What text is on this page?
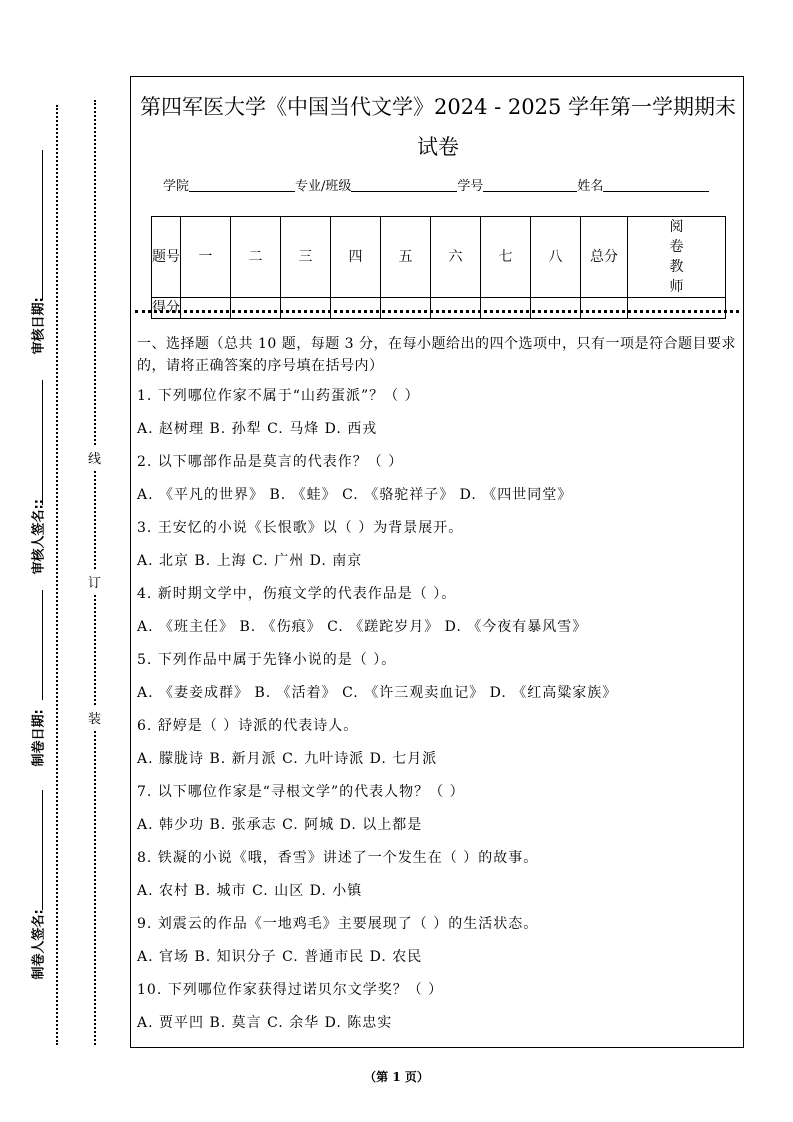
审核日期:
审核人签名::
制卷日期:
制卷人签名:
线
订
装
第四军医大学《中国当代文学》2024 - 2025 学年第一学期期末试卷
学院	专业/班级	学号	姓名
题号	一	二	三	四	五	六	七	八	总分	阅卷教师
得分										
一、选择题（总共 10 题，每题 3 分，在每小题给出的四个选项中，只有一项是符合题目要求的，请将正确答案的序号填在括号内）
1. 下列哪位作家不属于“山药蛋派”？（ ）
A. 赵树理 B. 孙犁 C. 马烽 D. 西戎
2. 以下哪部作品是莫言的代表作？（ ）
A. 《平凡的世界》 B. 《蛙》 C. 《骆驼祥子》 D. 《四世同堂》
3. 王安忆的小说《长恨歌》以（ ）为背景展开。
A. 北京 B. 上海 C. 广州 D. 南京
4. 新时期文学中，伤痕文学的代表作品是（ ）。
A. 《班主任》 B. 《伤痕》 C. 《蹉跎岁月》 D. 《今夜有暴风雪》
5. 下列作品中属于先锋小说的是（ ）。
A. 《妻妾成群》 B. 《活着》 C. 《许三观卖血记》 D. 《红高粱家族》
6. 舒婷是（ ）诗派的代表诗人。
A. 朦胧诗 B. 新月派 C. 九叶诗派 D. 七月派
7. 以下哪位作家是“寻根文学”的代表人物？（ ）
A. 韩少功 B. 张承志 C. 阿城 D. 以上都是
8. 铁凝的小说《哦，香雪》讲述了一个发生在（ ）的故事。
A. 农村 B. 城市 C. 山区 D. 小镇
9. 刘震云的作品《一地鸡毛》主要展现了（ ）的生活状态。
A. 官场 B. 知识分子 C. 普通市民 D. 农民
10. 下列哪位作家获得过诺贝尔文学奖？（ ）
A. 贾平凹 B. 莫言 C. 余华 D. 陈忠实
（第 1 页）
